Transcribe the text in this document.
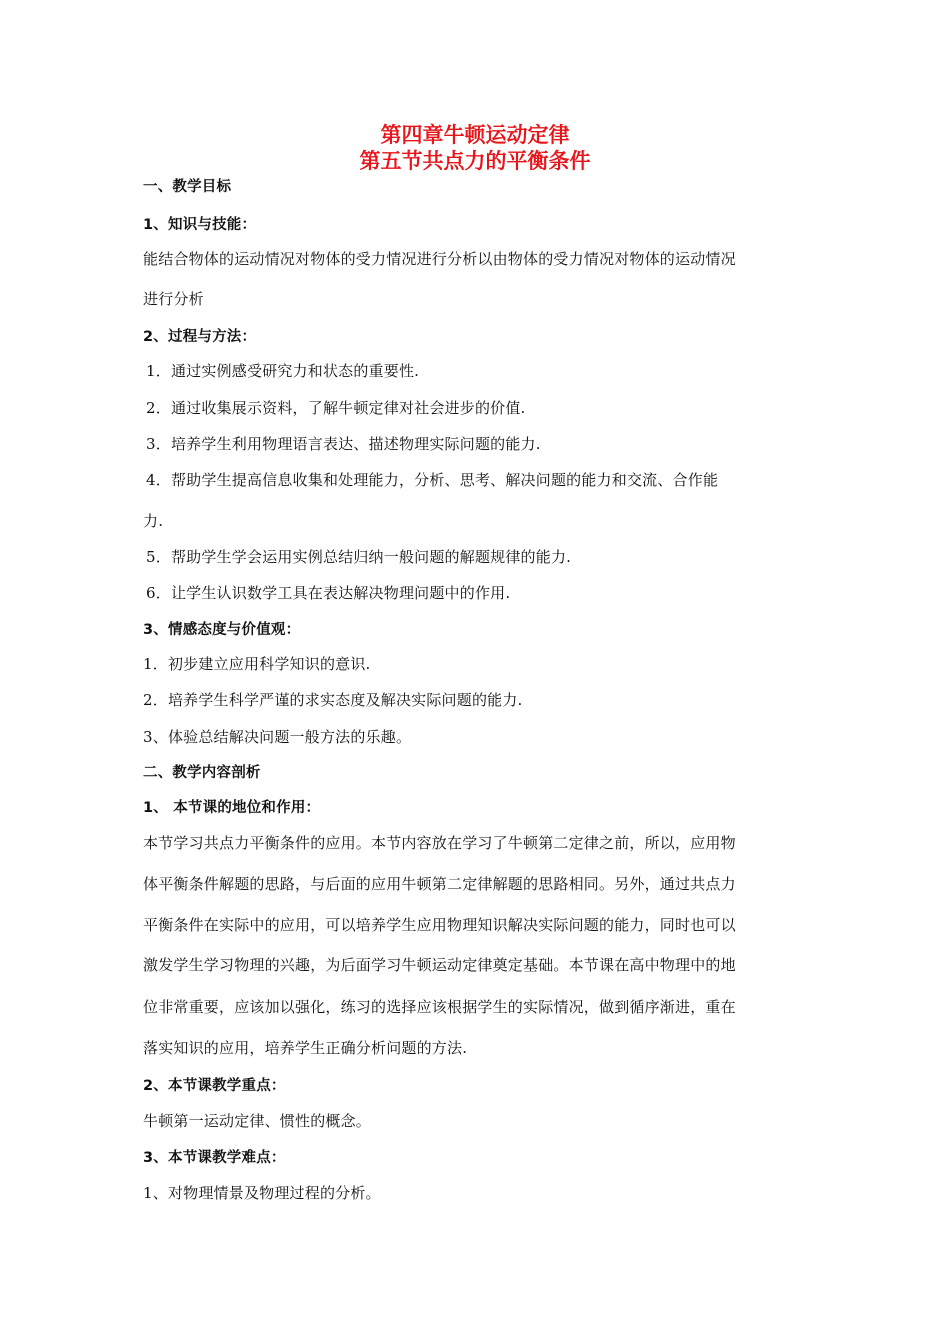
第四章牛顿运动定律
第五节共点力的平衡条件
一、教学目标
1、知识与技能：
能结合物体的运动情况对物体的受力情况进行分析以由物体的受力情况对物体的运动情况
进行分析
2、过程与方法：
1．通过实例感受研究力和状态的重要性.
2．通过收集展示资料，了解牛顿定律对社会进步的价值.
3．培养学生利用物理语言表达、描述物理实际问题的能力.
4．帮助学生提高信息收集和处理能力，分析、思考、解决问题的能力和交流、合作能
力.
5．帮助学生学会运用实例总结归纳一般问题的解题规律的能力.
6．让学生认识数学工具在表达解决物理问题中的作用.
3、情感态度与价值观：
1．初步建立应用科学知识的意识.
2．培养学生科学严谨的求实态度及解决实际问题的能力.
3、体验总结解决问题一般方法的乐趣。
二、教学内容剖析
1、 本节课的地位和作用：
本节学习共点力平衡条件的应用。本节内容放在学习了牛顿第二定律之前，所以，应用物
体平衡条件解题的思路，与后面的应用牛顿第二定律解题的思路相同。另外，通过共点力
平衡条件在实际中的应用，可以培养学生应用物理知识解决实际问题的能力，同时也可以
激发学生学习物理的兴趣，为后面学习牛顿运动定律奠定基础。本节课在高中物理中的地
位非常重要，应该加以强化，练习的选择应该根据学生的实际情况，做到循序渐进，重在
落实知识的应用，培养学生正确分析问题的方法.
2、本节课教学重点：
牛顿第一运动定律、惯性的概念。
3、本节课教学难点：
1、对物理情景及物理过程的分析。
